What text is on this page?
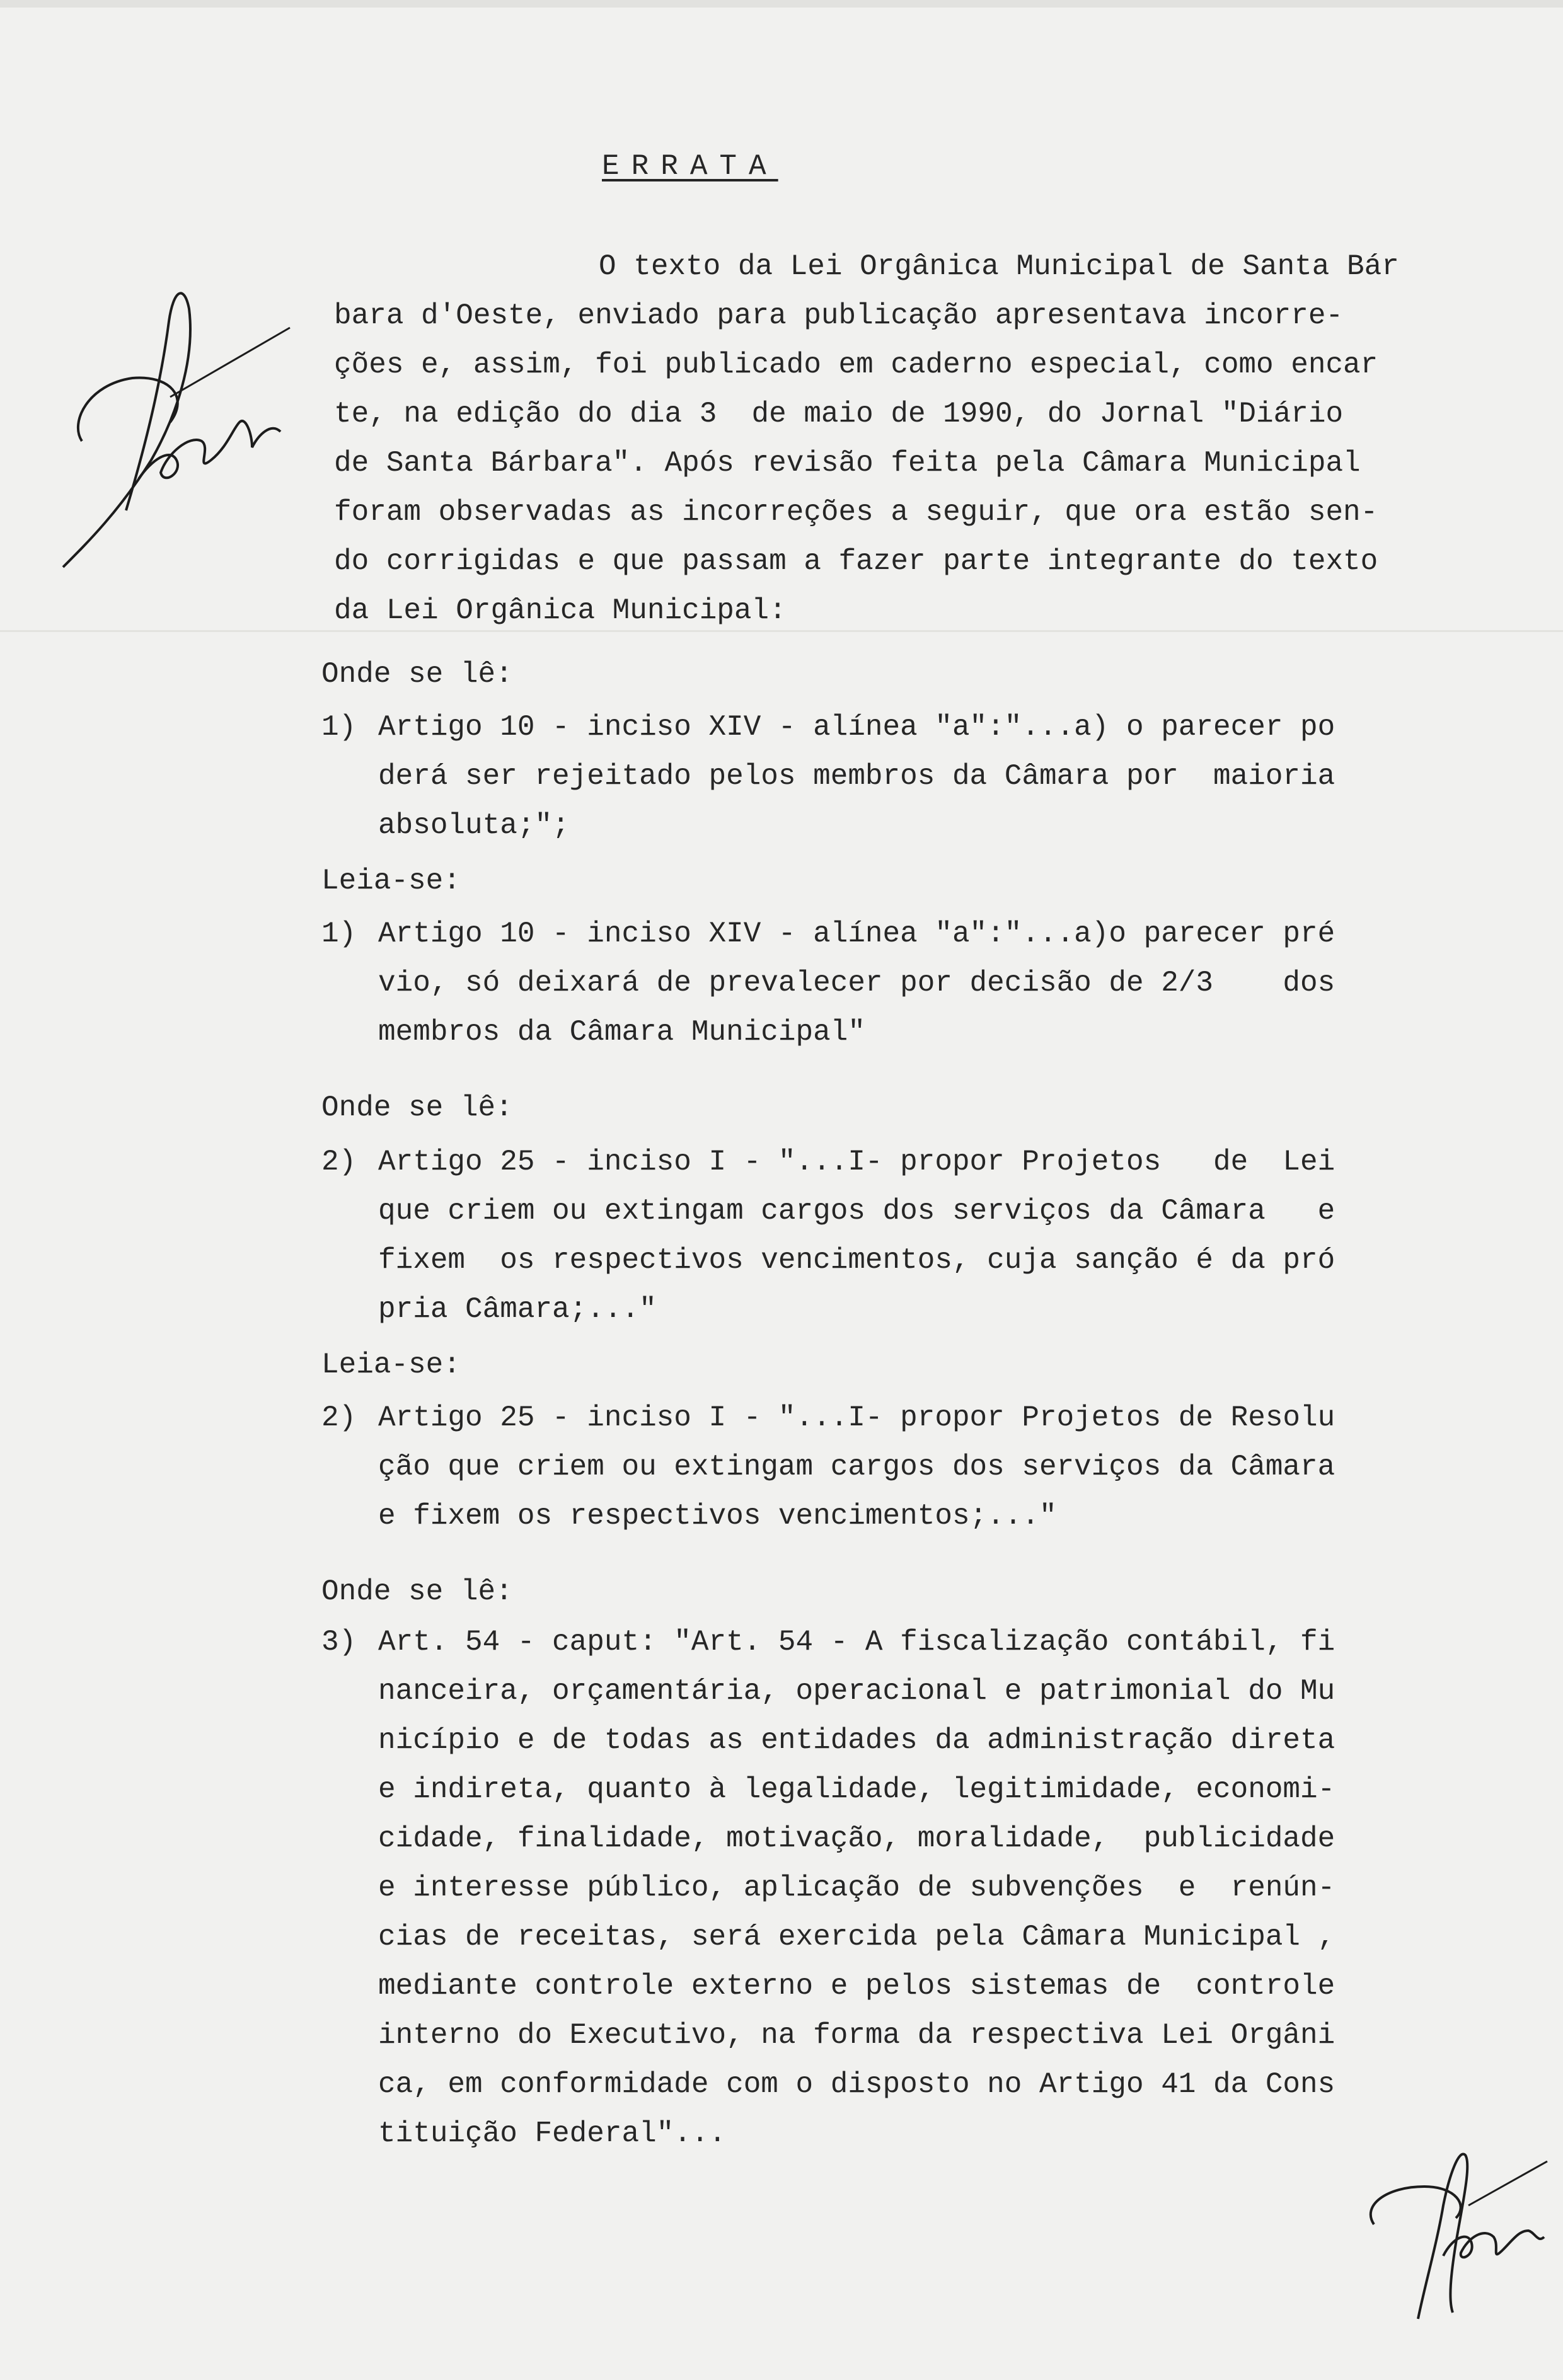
ERRATA
O texto da Lei Orgânica Municipal de Santa Bár
bara d'Oeste, enviado para publicação apresentava incorre-
ções e, assim, foi publicado em caderno especial, como encar
te, na edição do dia 3  de maio de 1990, do Jornal "Diário
de Santa Bárbara". Após revisão feita pela Câmara Municipal
foram observadas as incorreções a seguir, que ora estão sen-
do corrigidas e que passam a fazer parte integrante do texto
da Lei Orgânica Municipal:
Onde se lê:
1) Artigo 10 - inciso XIV - alínea "a":"...a) o parecer po
derá ser rejeitado pelos membros da Câmara por  maioria
absoluta;";
Leia-se:
1) Artigo 10 - inciso XIV - alínea "a":"...a)o parecer pré
vio, só deixará de prevalecer por decisão de 2/3    dos
membros da Câmara Municipal"
Onde se lê:
2) Artigo 25 - inciso I - "...I- propor Projetos   de  Lei
que criem ou extingam cargos dos serviços da Câmara   e
fixem  os respectivos vencimentos, cuja sanção é da pró
pria Câmara;..."
Leia-se:
2) Artigo 25 - inciso I - "...I- propor Projetos de Resolu
ção que criem ou extingam cargos dos serviços da Câmara
e fixem os respectivos vencimentos;..."
Onde se lê:
3) Art. 54 - caput: "Art. 54 - A fiscalização contábil, fi
nanceira, orçamentária, operacional e patrimonial do Mu
nicípio e de todas as entidades da administração direta
e indireta, quanto à legalidade, legitimidade, economi-
cidade, finalidade, motivação, moralidade,  publicidade
e interesse público, aplicação de subvenções  e  renún-
cias de receitas, será exercida pela Câmara Municipal ,
mediante controle externo e pelos sistemas de  controle
interno do Executivo, na forma da respectiva Lei Orgâni
ca, em conformidade com o disposto no Artigo 41 da Cons
tituição Federal"...
